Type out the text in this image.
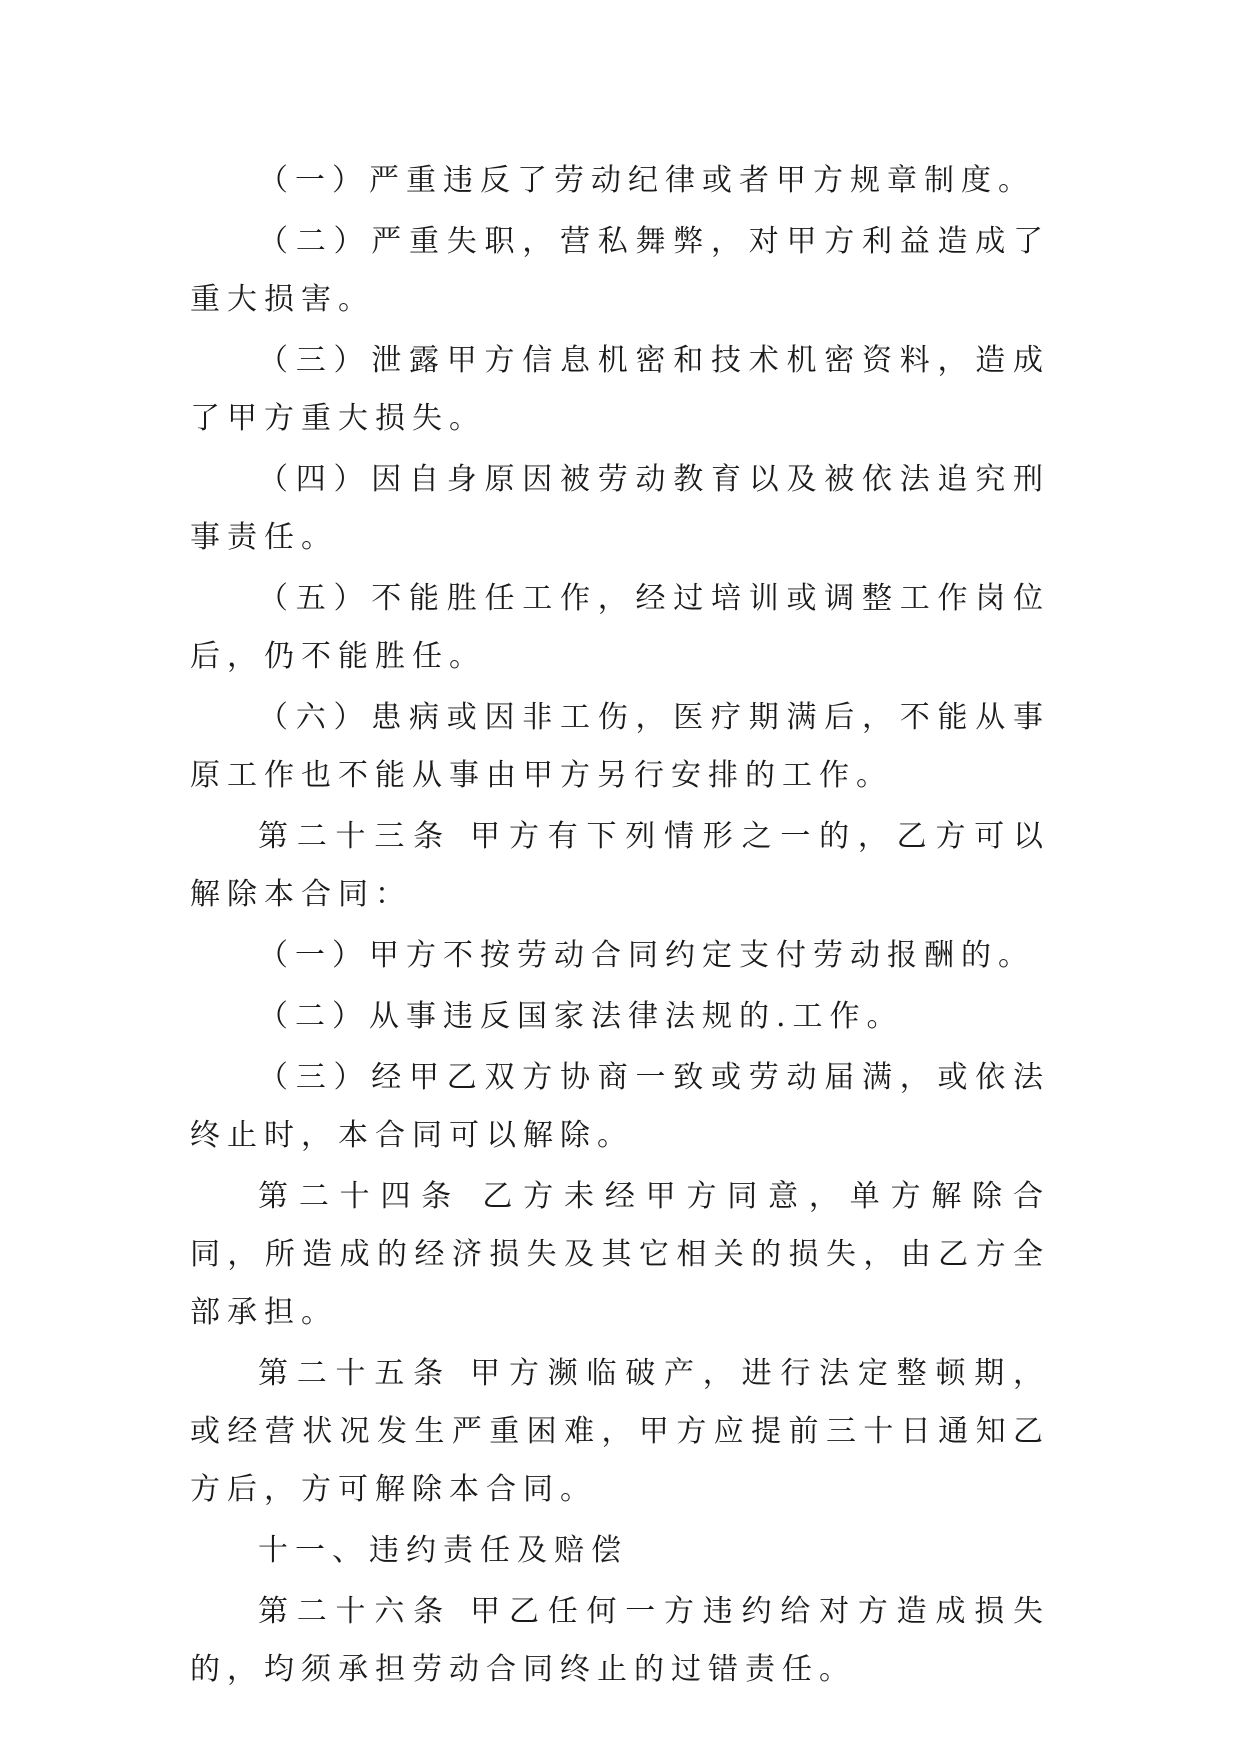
（一）严重违反了劳动纪律或者甲方规章制度。

（二）严重失职，营私舞弊，对甲方利益造成了重大损害。

（三）泄露甲方信息机密和技术机密资料，造成了甲方重大损失。

（四）因自身原因被劳动教育以及被依法追究刑事责任。

（五）不能胜任工作，经过培训或调整工作岗位后，仍不能胜任。

（六）患病或因非工伤，医疗期满后，不能从事原工作也不能从事由甲方另行安排的工作。

第二十三条 甲方有下列情形之一的，乙方可以解除本合同：

（一）甲方不按劳动合同约定支付劳动报酬的。

（二）从事违反国家法律法规的.工作。

（三）经甲乙双方协商一致或劳动届满，或依法终止时，本合同可以解除。

第二十四条 乙方未经甲方同意，单方解除合同，所造成的经济损失及其它相关的损失，由乙方全部承担。

第二十五条 甲方濒临破产，进行法定整顿期，或经营状况发生严重困难，甲方应提前三十日通知乙方后，方可解除本合同。

十一、违约责任及赔偿

第二十六条 甲乙任何一方违约给对方造成损失的，均须承担劳动合同终止的过错责任。
